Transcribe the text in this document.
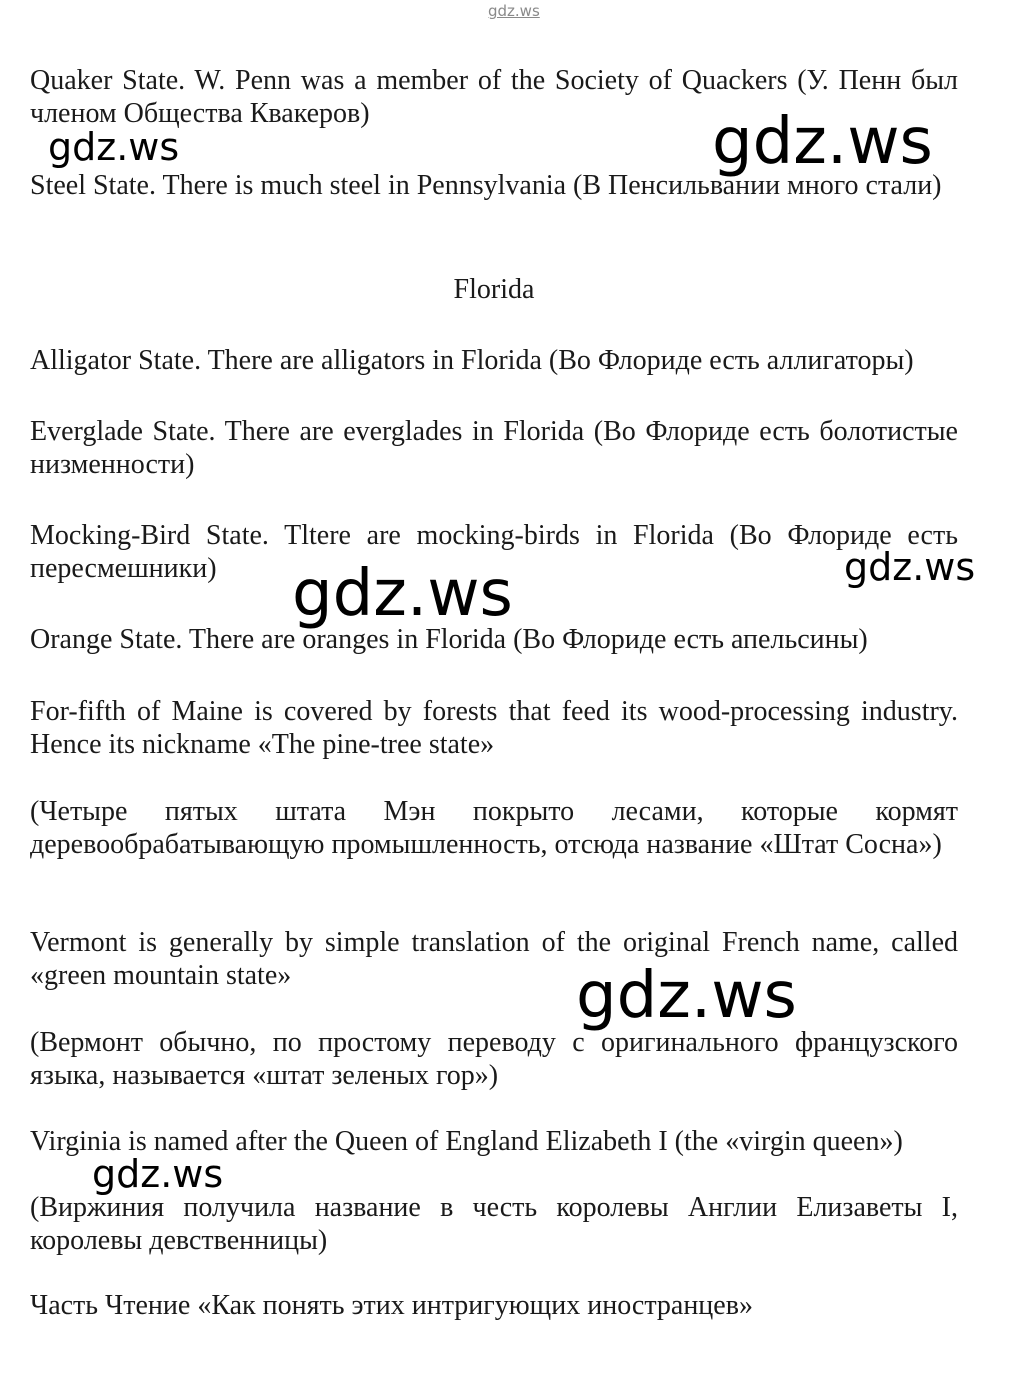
gdz.ws

Quaker State. W. Penn was a member of the Society of Quackers (У. Пенн был членом Общества Квакеров)

Steel State. There is much steel in Pennsylvania (В Пенсильвании много стали)

Florida

Alligator State. There are alligators in Florida (Во Флориде есть аллигаторы)

Everglade State. There are everglades in Florida (Во Флориде есть болотистые низменности)

Mocking-Bird State. Tltere are mocking-birds in Florida (Во Флориде есть пересмешники)

Orange State. There are oranges in Florida (Во Флориде есть апельсины)

For-fifth of Maine is covered by forests that feed its wood-processing industry. Hence its nickname «The pine-tree state»

(Четыре пятых штата Мэн покрыто лесами, которые кормят деревообрабатывающую промышленность, отсюда название «Штат Сосна»)

Vermont is generally by simple translation of the original French name, called «green mountain state»

(Вермонт обычно, по простому переводу с оригинального французского языка, называется «штат зеленых гор»)

Virginia is named after the Queen of England Elizabeth I (the «virgin queen»)

(Виржиния получила название в честь королевы Англии Елизаветы I, королевы девственницы)

Часть Чтение «Как понять этих интригующих иностранцев»

gdz.ws	gdz.ws
gdz.ws
gdz.ws
gdz.ws
gdz.ws
